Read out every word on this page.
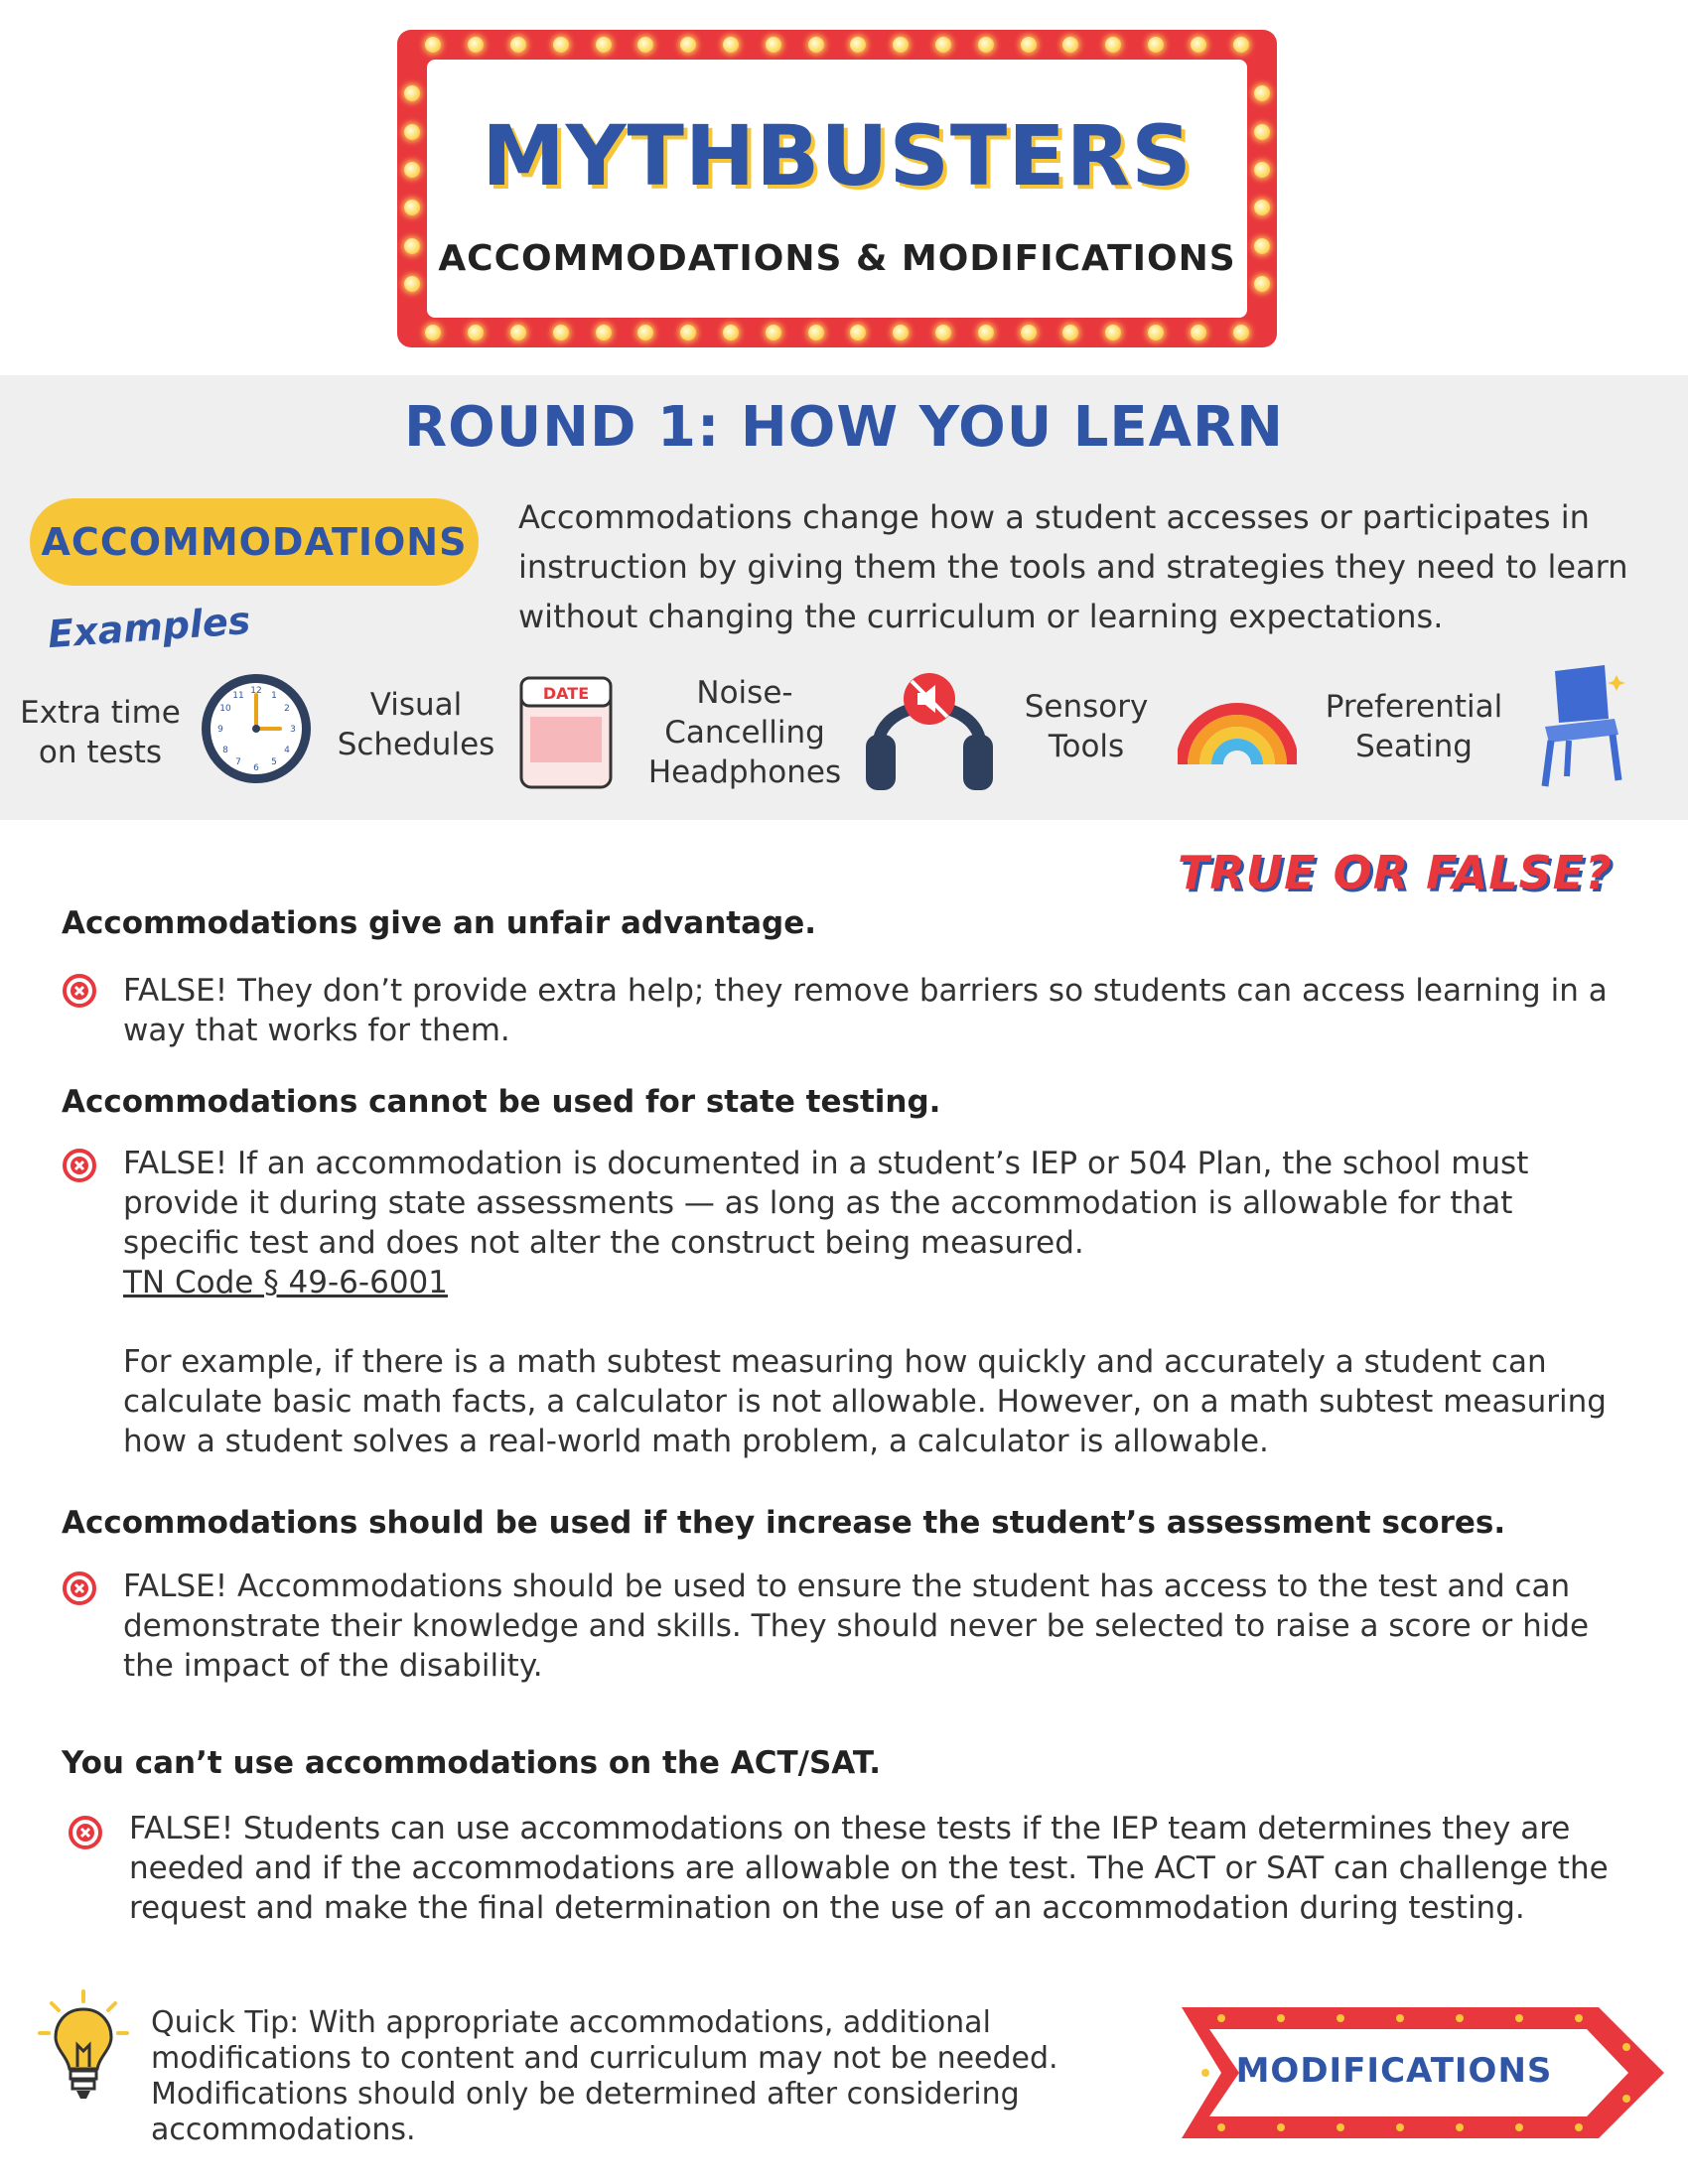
MYTHBUSTERS
ACCOMMODATIONS & MODIFICATIONS
ROUND 1: HOW YOU LEARN
ACCOMMODATIONS
Examples
Accommodations change how a student accesses or participates in instruction by giving them the tools and strategies they need to learn without changing the curriculum or learning expectations.
Extra time
on tests
12 1
2
3
4
5
6
7
8
9
10
11	Visual
Schedules
DATE	Noise-
Cancelling
Headphones
Sensory
Tools
Preferential
Seating
TRUE OR FALSE?
Accommodations give an unfair advantage.
FALSE! They don’t provide extra help; they remove barriers so students can access learning in a way that works for them.
Accommodations cannot be used for state testing.
FALSE! If an accommodation is documented in a student’s IEP or 504 Plan, the school must provide it during state assessments — as long as the accommodation is allowable for that specific test and does not alter the construct being measured.
TN Code § 49-6-6001
For example, if there is a math subtest measuring how quickly and accurately a student can calculate basic math facts, a calculator is not allowable. However, on a math subtest measuring how a student solves a real-world math problem, a calculator is allowable.
Accommodations should be used if they increase the student’s assessment scores.
FALSE! Accommodations should be used to ensure the student has access to the test and can demonstrate their knowledge and skills. They should never be selected to raise a score or hide the impact of the disability.
You can’t use accommodations on the ACT/SAT.
FALSE! Students can use accommodations on these tests if the IEP team determines they are needed and if the accommodations are allowable on the test. The ACT or SAT can challenge the request and make the final determination on the use of an accommodation during testing.
Quick Tip: With appropriate accommodations, additional modifications to content and curriculum may not be needed. Modifications should only be determined after considering accommodations.
MODIFICATIONS
